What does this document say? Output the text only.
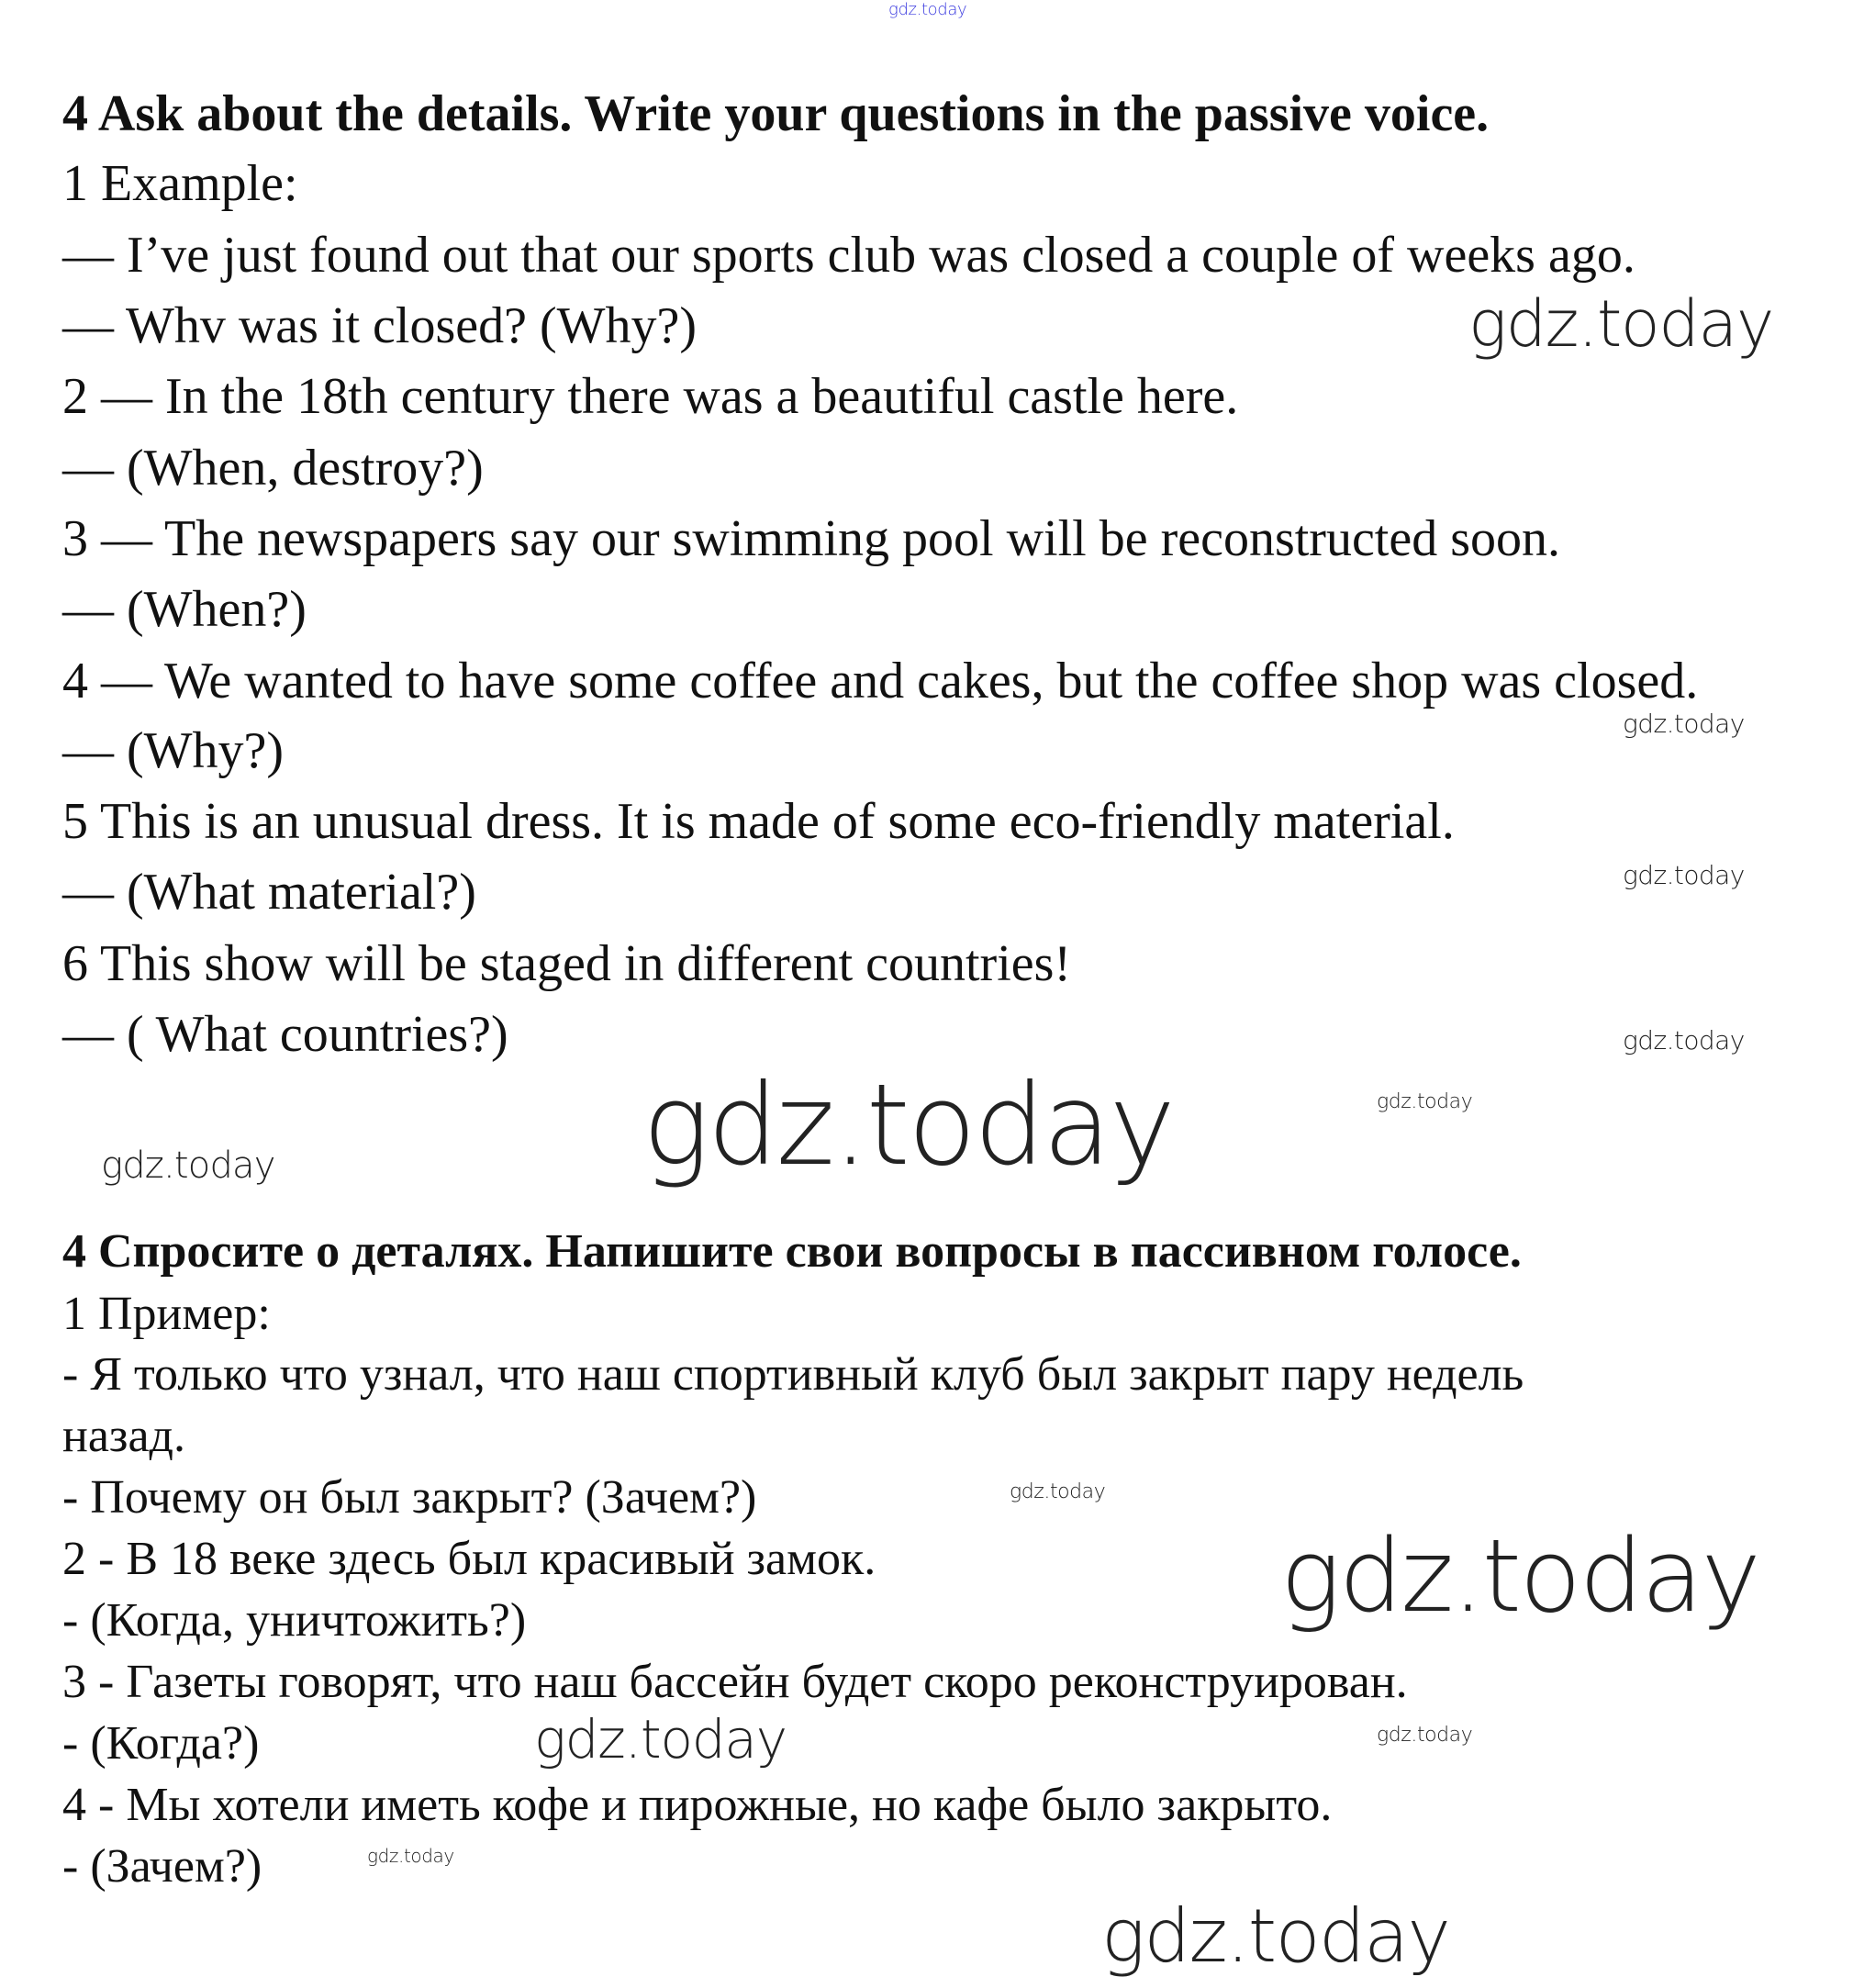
gdz.today
gdz.today
gdz.today
gdz.today
gdz.today
gdz.today	gdz.today
gdz.today
gdz.today
gdz.today
gdz.today	gdz.today
gdz.today
gdz.today
4 Ask about the details. Write your questions in the passive voice.
1 Example:
— I’ve just found out that our sports club was closed a couple of weeks ago.
— Whv was it closed? (Why?)
2 — In the 18th century there was a beautiful castle here.
— (When, destroy?)
3 — The newspapers say our swimming pool will be reconstructed soon.
— (When?)
4 — We wanted to have some coffee and cakes, but the coffee shop was closed.
— (Why?)
5 This is an unusual dress. It is made of some eco-friendly material.
— (What material?)
6 This show will be staged in different countries!
— ( What countries?)
4 Спросите о деталях. Напишите свои вопросы в пассивном голосе.
1 Пример:
- Я только что узнал, что наш спортивный клуб был закрыт пару недель
назад.
- Почему он был закрыт? (Зачем?)
2 - В 18 веке здесь был красивый замок.
- (Когда, уничтожить?)
3 - Газеты говорят, что наш бассейн будет скоро реконструирован.
- (Когда?)
4 - Мы хотели иметь кофе и пирожные, но кафе было закрыто.
- (Зачем?)
